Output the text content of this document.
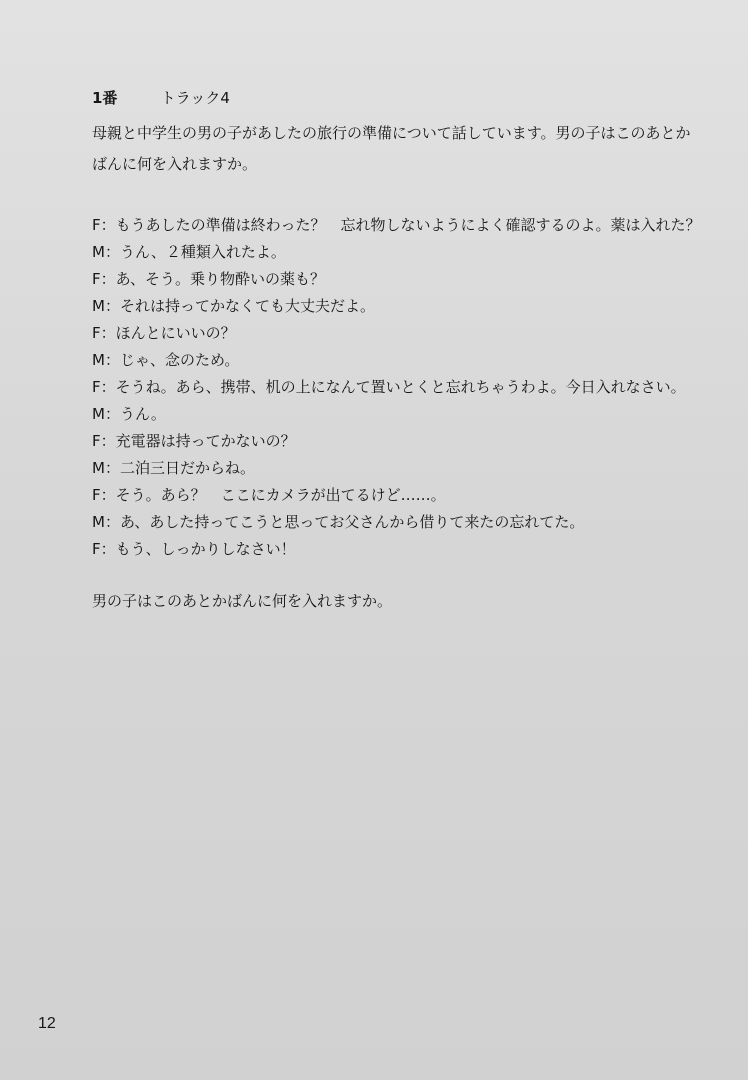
1番	トラック4
母親と中学生の男の子があしたの旅行の準備について話しています。男の子はこのあとかばんに何を入れますか。
F：もうあしたの準備は終わった？　忘れ物しないようによく確認するのよ。薬は入れた？
M：うん、２種類入れたよ。
F：あ、そう。乗り物酔いの薬も？
M：それは持ってかなくても大丈夫だよ。
F：ほんとにいいの？
M：じゃ、念のため。
F：そうね。あら、携帯、机の上になんて置いとくと忘れちゃうわよ。今日入れなさい。
M：うん。
F：充電器は持ってかないの？
M：二泊三日だからね。
F：そう。あら？　ここにカメラが出てるけど……。
M：あ、あした持ってこうと思ってお父さんから借りて来たの忘れてた。
F：もう、しっかりしなさい！
男の子はこのあとかばんに何を入れますか。
12
